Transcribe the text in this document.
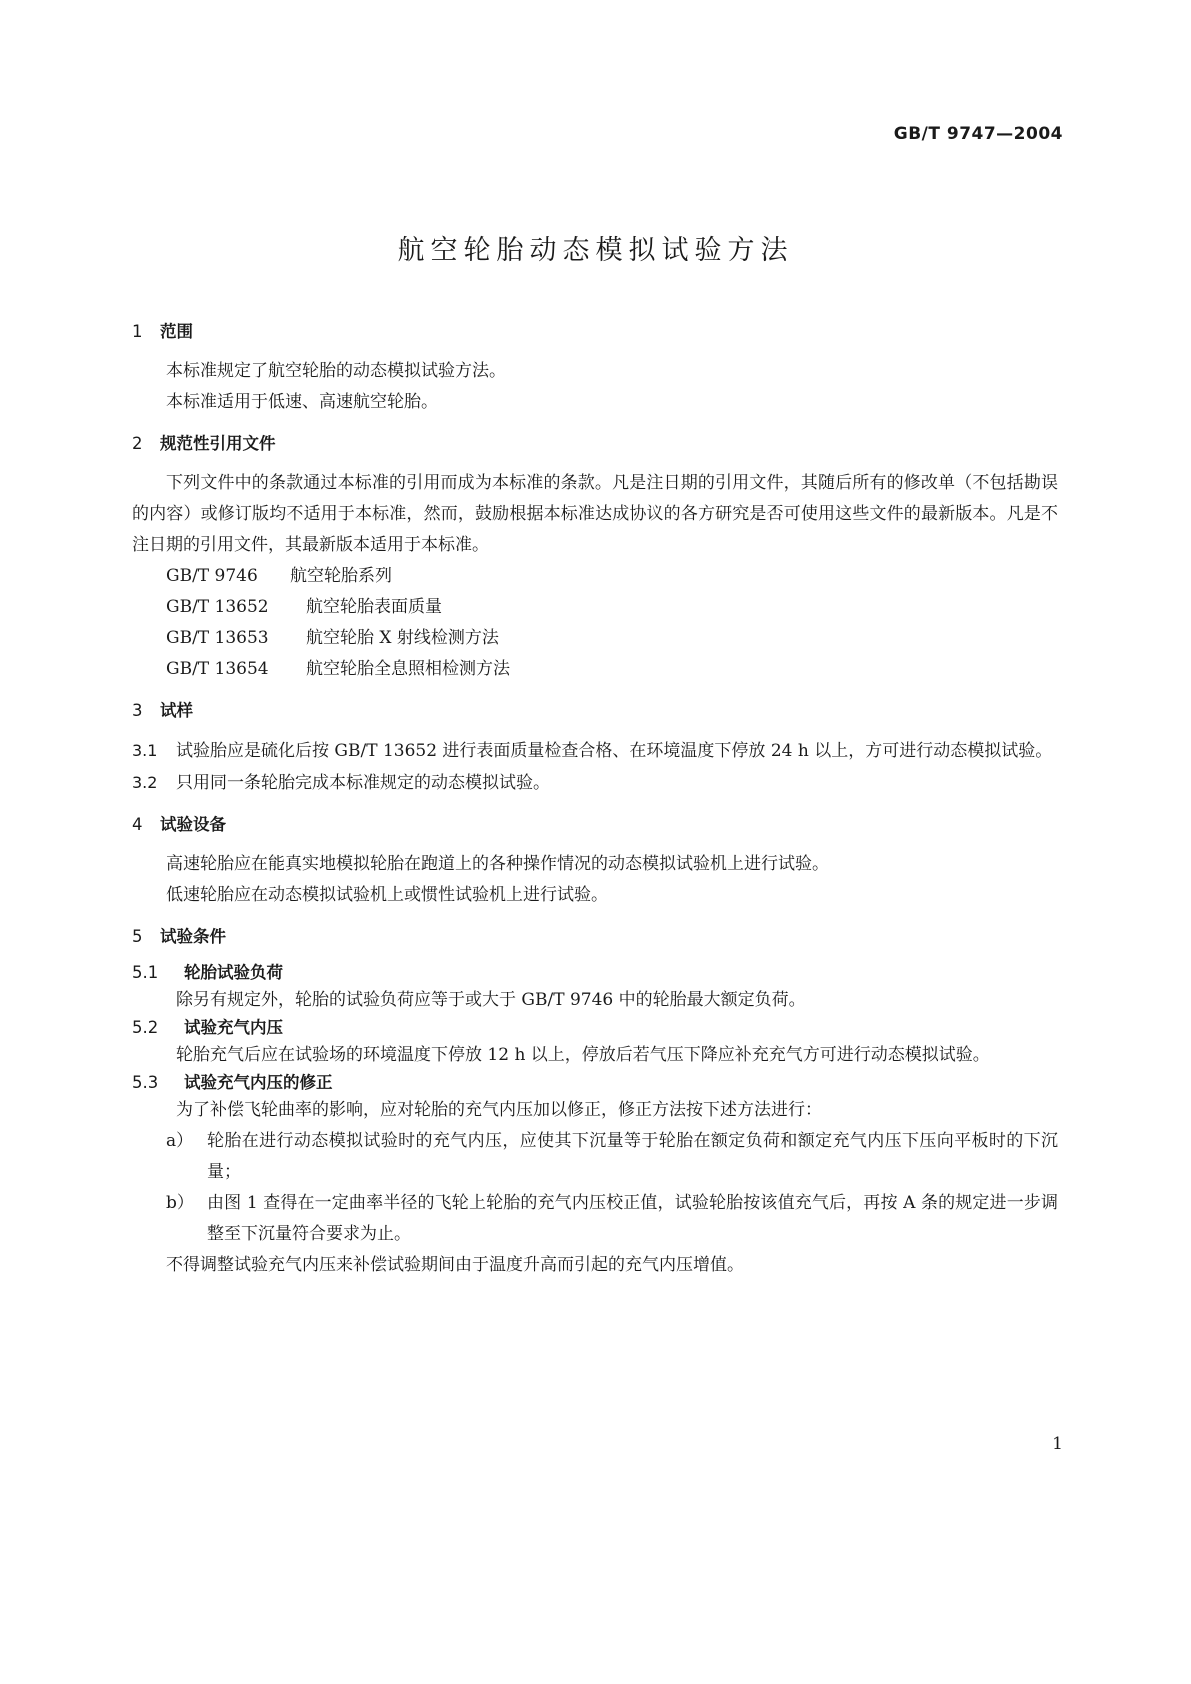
GB/T 9747—2004
航空轮胎动态模拟试验方法
1 范围

本标准规定了航空轮胎的动态模拟试验方法。

本标准适用于低速、高速航空轮胎。

2 规范性引用文件

下列文件中的条款通过本标准的引用而成为本标准的条款。凡是注日期的引用文件，其随后所有的修改单（不包括勘误的内容）或修订版均不适用于本标准，然而，鼓励根据本标准达成协议的各方研究是否可使用这些文件的最新版本。凡是不注日期的引用文件，其最新版本适用于本标准。

GB/T 9746 航空轮胎系列
GB/T 13652 航空轮胎表面质量
GB/T 13653 航空轮胎 X 射线检测方法
GB/T 13654 航空轮胎全息照相检测方法
3 试样

3.1 试验胎应是硫化后按 GB/T 13652 进行表面质量检查合格、在环境温度下停放 24 h 以上，方可进行动态模拟试验。

3.2 只用同一条轮胎完成本标准规定的动态模拟试验。

4 试验设备

高速轮胎应在能真实地模拟轮胎在跑道上的各种操作情况的动态模拟试验机上进行试验。

低速轮胎应在动态模拟试验机上或惯性试验机上进行试验。

5 试验条件
5.1 轮胎试验负荷

除另有规定外，轮胎的试验负荷应等于或大于 GB/T 9746 中的轮胎最大额定负荷。

5.2 试验充气内压

轮胎充气后应在试验场的环境温度下停放 12 h 以上，停放后若气压下降应补充充气方可进行动态模拟试验。

5.3 试验充气内压的修正

为了补偿飞轮曲率的影响，应对轮胎的充气内压加以修正，修正方法按下述方法进行：

a） 轮胎在进行动态模拟试验时的充气内压，应使其下沉量等于轮胎在额定负荷和额定充气内压下压向平板时的下沉量；
b） 由图 1 查得在一定曲率半径的飞轮上轮胎的充气内压校正值，试验轮胎按该值充气后，再按 A 条的规定进一步调整至下沉量符合要求为止。

不得调整试验充气内压来补偿试验期间由于温度升高而引起的充气内压增值。

1
